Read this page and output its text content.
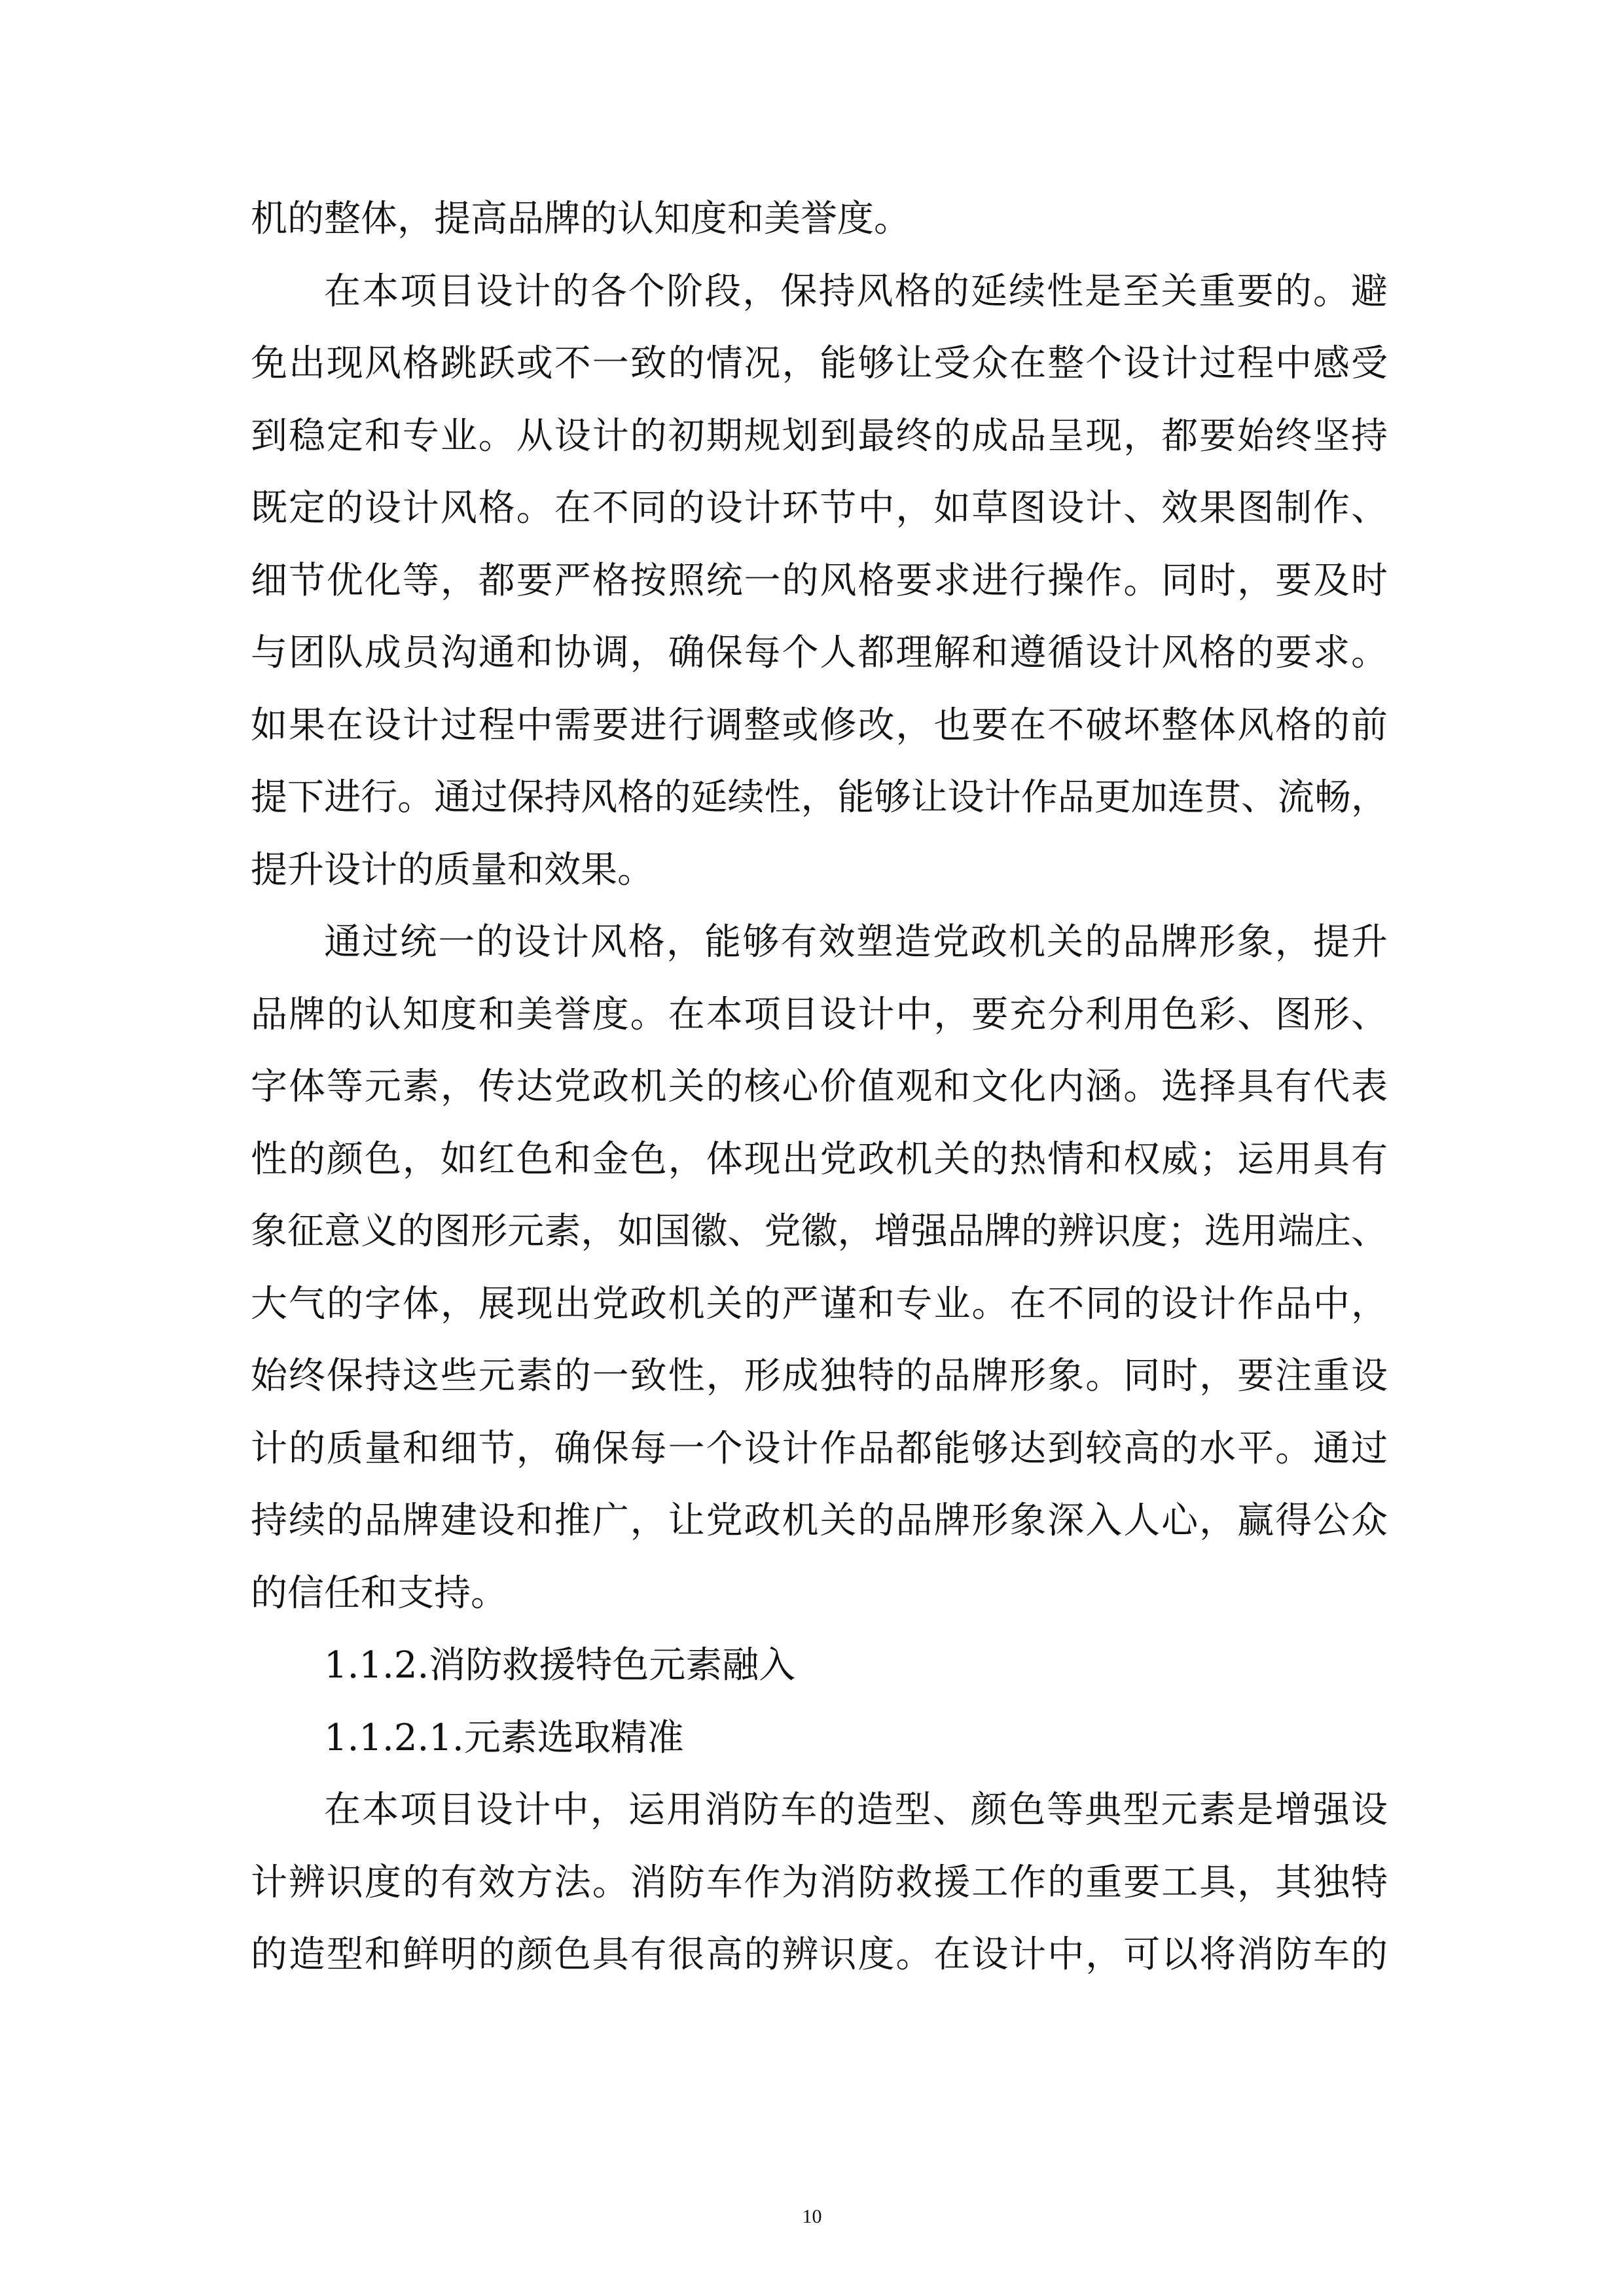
机的整体，提高品牌的认知度和美誉度。
在本项目设计的各个阶段，保持风格的延续性是至关重要的。避
免出现风格跳跃或不一致的情况，能够让受众在整个设计过程中感受
到稳定和专业。从设计的初期规划到最终的成品呈现，都要始终坚持
既定的设计风格。在不同的设计环节中，如草图设计、效果图制作、
细节优化等，都要严格按照统一的风格要求进行操作。同时，要及时
与团队成员沟通和协调，确保每个人都理解和遵循设计风格的要求。
如果在设计过程中需要进行调整或修改，也要在不破坏整体风格的前
提下进行。通过保持风格的延续性，能够让设计作品更加连贯、流畅，
提升设计的质量和效果。
通过统一的设计风格，能够有效塑造党政机关的品牌形象，提升
品牌的认知度和美誉度。在本项目设计中，要充分利用色彩、图形、
字体等元素，传达党政机关的核心价值观和文化内涵。选择具有代表
性的颜色，如红色和金色，体现出党政机关的热情和权威；运用具有
象征意义的图形元素，如国徽、党徽，增强品牌的辨识度；选用端庄、
大气的字体，展现出党政机关的严谨和专业。在不同的设计作品中，
始终保持这些元素的一致性，形成独特的品牌形象。同时，要注重设
计的质量和细节，确保每一个设计作品都能够达到较高的水平。通过
持续的品牌建设和推广，让党政机关的品牌形象深入人心，赢得公众
的信任和支持。
1.1.2.消防救援特色元素融入
1.1.2.1.元素选取精准
在本项目设计中，运用消防车的造型、颜色等典型元素是增强设
计辨识度的有效方法。消防车作为消防救援工作的重要工具，其独特
的造型和鲜明的颜色具有很高的辨识度。在设计中，可以将消防车的
10
